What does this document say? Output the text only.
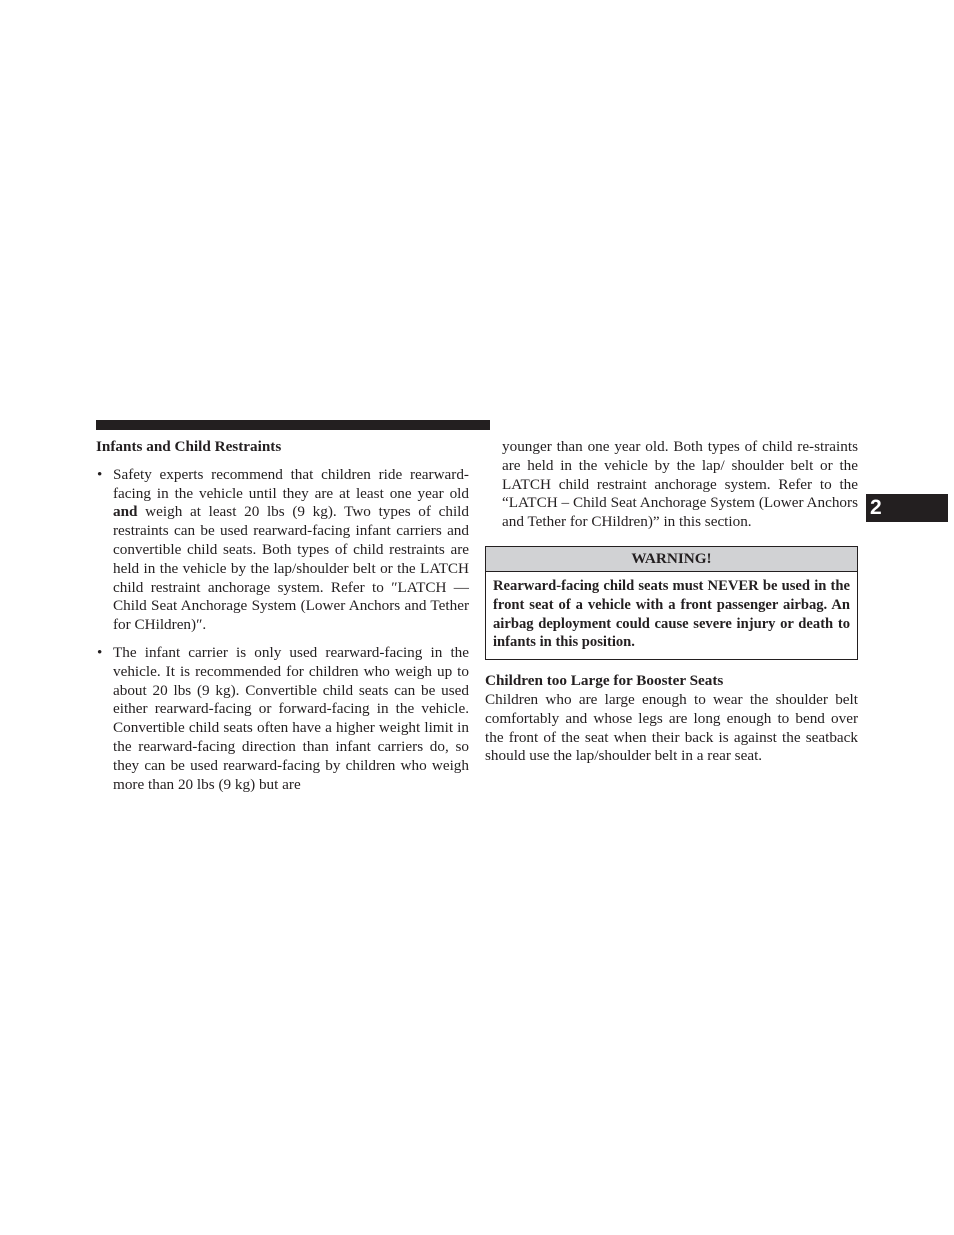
Infants and Child Restraints

• Safety experts recommend that children ride rearward-facing in the vehicle until they are at least one year old and weigh at least 20 lbs (9 kg). Two types of child restraints can be used rearward-facing infant carriers and convertible child seats. Both types of child restraints are held in the vehicle by the lap/shoulder belt or the LATCH child restraint anchorage system. Refer to ″LATCH — Child Seat Anchorage System (Lower Anchors and Tether for CHildren)″.
• The infant carrier is only used rearward-facing in the vehicle. It is recommended for children who weigh up to about 20 lbs (9 kg). Convertible child seats can be used either rearward-facing or forward-facing in the vehicle. Convertible child seats often have a higher weight limit in the rearward-facing direction than infant carriers do, so they can be used rearward-facing by children who weigh more than 20 lbs (9 kg) but are

younger than one year old. Both types of child re-straints are held in the vehicle by the lap/ shoulder belt or the LATCH child restraint anchorage system. Refer to the “LATCH – Child Seat Anchorage System (Lower Anchors and Tether for CHildren)” in this section.

WARNING!
Rearward-facing child seats must NEVER be used in the front seat of a vehicle with a front passenger airbag. An airbag deployment could cause severe injury or death to infants in this position.

Children too Large for Booster Seats

Children who are large enough to wear the shoulder belt comfortably and whose legs are long enough to bend over the front of the seat when their back is against the seatback should use the lap/shoulder belt in a rear seat.

2
